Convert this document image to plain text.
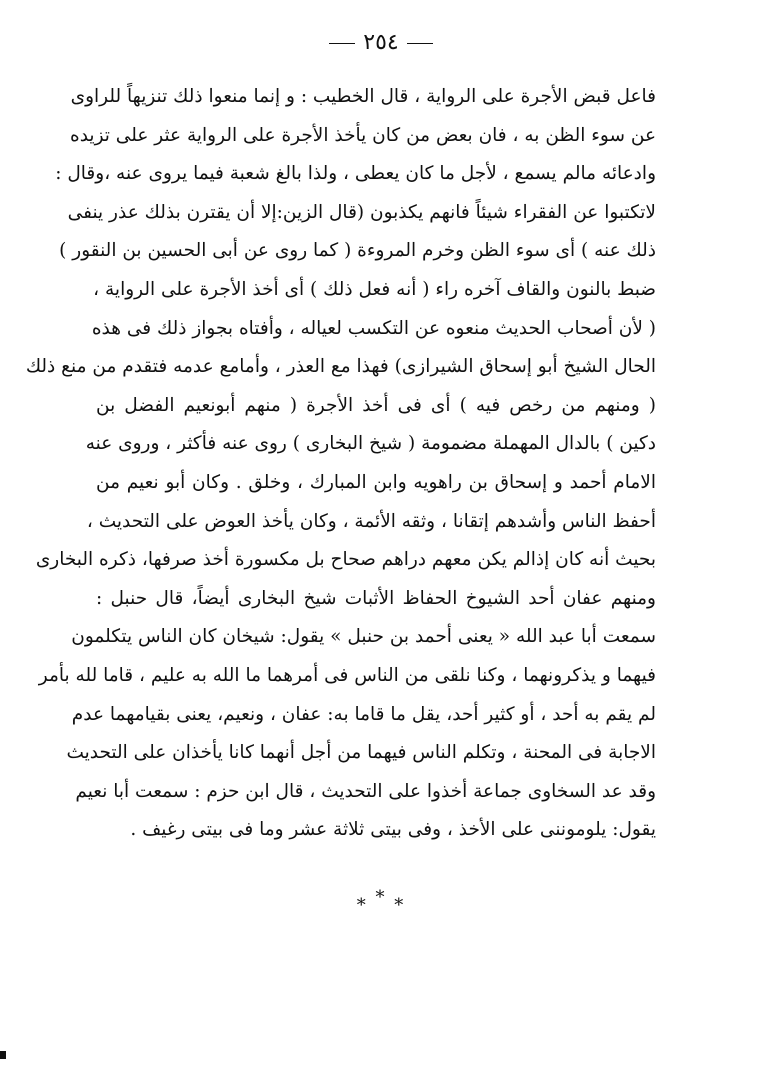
٢٥٤
فاعل قبض الأجرة على الرواية ، قال الخطيب : و إنما منعوا ذلك تنزيهاً للراوى
عن سوء الظن به ، فان بعض من كان يأخذ الأجرة على الرواية عثر على تزيده
وادعائه مالم يسمع ، لأجل ما كان يعطى ، ولذا بالغ شعبة فيما يروى عنه ،وقال :
لاتكتبوا عن الفقراء شيئاً فانهم يكذبون (قال الزين:إلا أن يقترن بذلك عذر ينفى
ذلك عنه ) أى سوء الظن وخرم المروءة ( كما روى عن أبى الحسين بن النقور )
ضبط بالنون والقاف آخره راء ( أنه فعل ذلك ) أى أخذ الأجرة على الرواية ،
( لأن أصحاب الحديث منعوه عن التكسب لعياله ، وأفتاه بجواز ذلك فى هذه
الحال الشيخ أبو إسحاق الشيرازى) فهذا مع العذر ، وأمامع عدمه فتقدم من منع ذلك
( ومنهم من رخص فيه ) أى فى أخذ الأجرة ( منهم أبونعيم الفضل بن
دكين ) بالدال المهملة مضمومة ( شيخ البخارى ) روى عنه فأكثر ، وروى عنه
الامام أحمد و إسحاق بن راهويه وابن المبارك ، وخلق . وكان أبو نعيم من
أحفظ الناس وأشدهم إتقانا ، وثقه الأئمة ، وكان يأخذ العوض على التحديث ،
بحيث أنه كان إذالم يكن معهم دراهم صحاح بل مكسورة أخذ صرفها، ذكره البخارى
ومنهم عفان أحد الشيوخ الحفاظ الأثبات شيخ البخارى أيضاً، قال حنبل :
سمعت أبا عبد الله « يعنى أحمد بن حنبل » يقول: شيخان كان الناس يتكلمون
فيهما و يذكرونهما ، وكنا نلقى من الناس فى أمرهما ما الله به عليم ، قاما لله بأمر
لم يقم به أحد ، أو كثير أحد، يقل ما قاما به: عفان ، ونعيم، يعنى بقيامهما عدم
الاجابة فى المحنة ، وتكلم الناس فيهما من أجل أنهما كانا يأخذان على التحديث
وقد عد السخاوى جماعة أخذوا على التحديث ، قال ابن حزم : سمعت أبا نعيم
يقول: يلوموننى على الأخذ ، وفى بيتى ثلاثة عشر وما فى بيتى رغيف .
* * *
